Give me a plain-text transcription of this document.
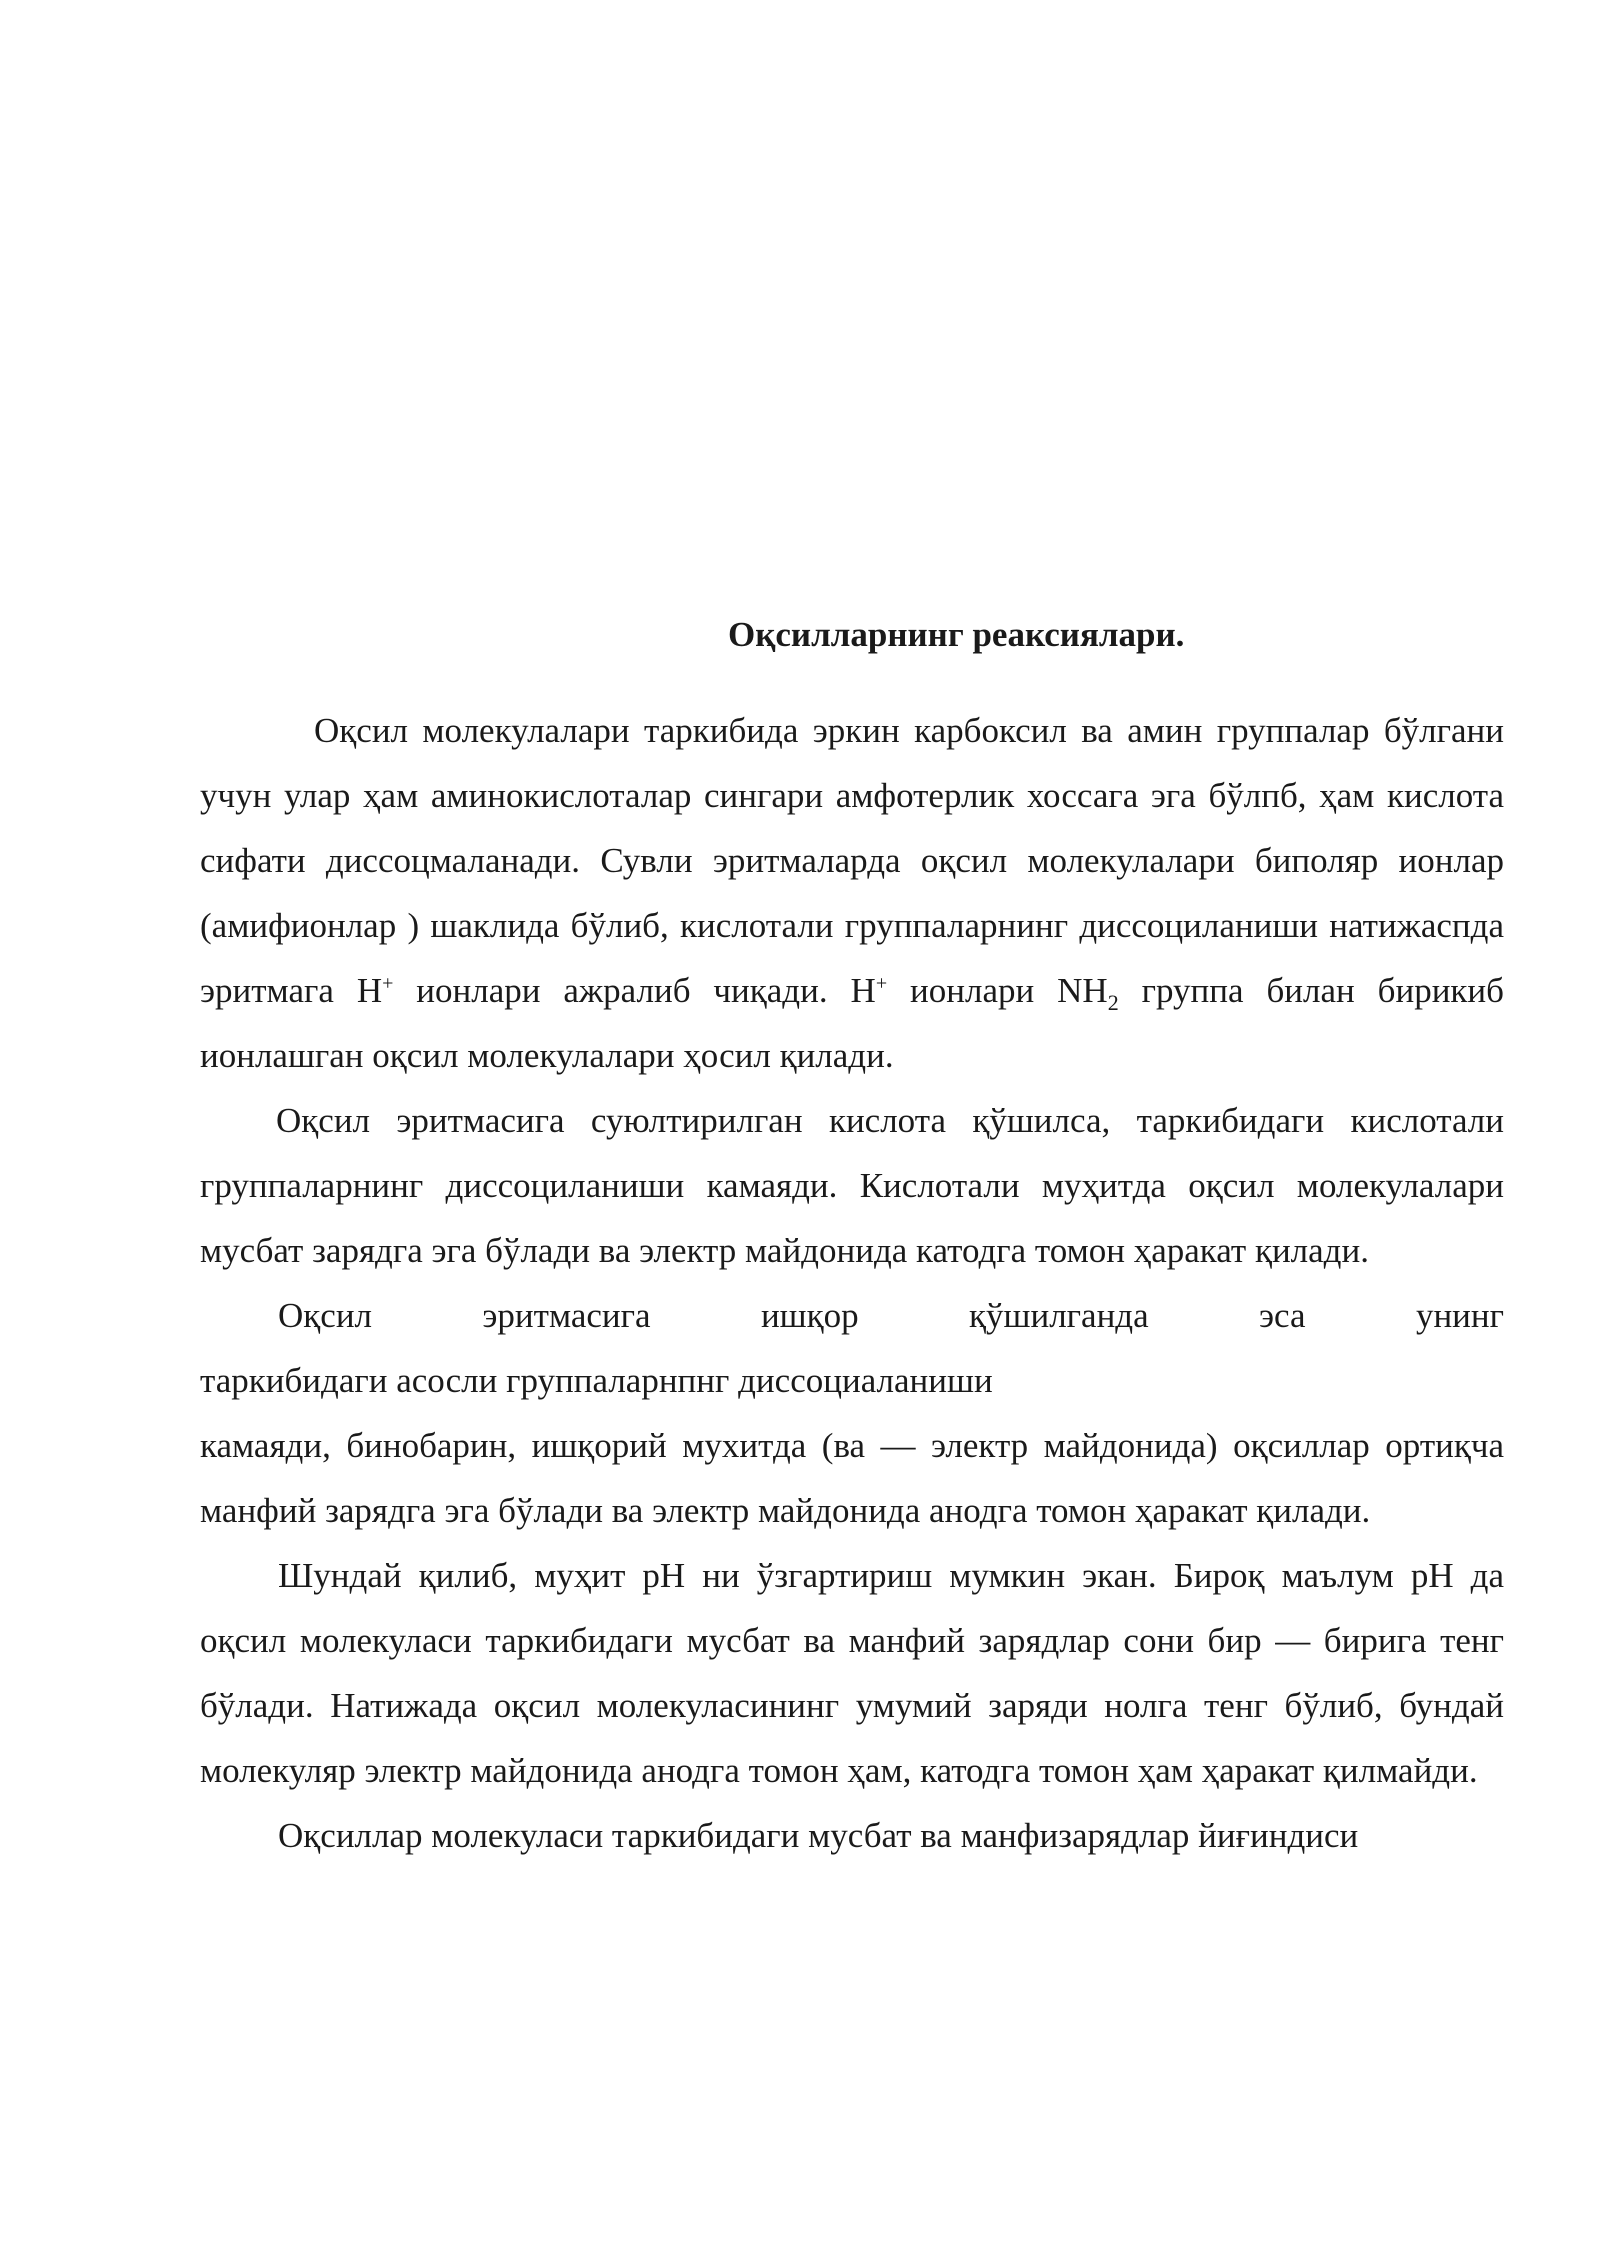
Оқсилларнинг реаксиялари.

Оқсил молекулалари таркибида эркин карбоксил ва амин группалар бўлгани учун улар ҳам аминокислоталар сингари амфотерлик хоссага эга бўлпб, ҳам кислота сифати диссоцмаланади. Сувли эритмаларда оқсил молекулалари биполяр ионлар (амифионлар ) шаклида бўлиб, кислотали группаларнинг диссоциланиши натижаспда эритмага Н+ ионлари ажралиб чиқади. Н+ ионлари $NH_2$ группа билан бирикиб ионлашган оқсил молекулалари ҳосил қилади.

Оқсил эритмасига суюлтирилган кислота қўшилса, таркибидаги кислотали группаларнинг диссоциланиши камаяди. Кислотали муҳитда оқсил молекулалари мусбат зарядга эга бўлади ва электр майдонида катодга томон ҳаракат қилади.

Оқсил эритмасига ишқор қўшилганда эса унинг
таркибидаги асосли группаларнпнг диссоциаланиши

камаяди, бинобарин, ишқорий мухитда (ва — электр майдонида) оқсиллар ортиқча манфий зарядга эга бўлади ва электр майдонида анодга томон ҳаракат қилади.

Шундай қилиб, муҳит рН ни ўзгартириш мумкин экан. Бироқ маълум рН да оқсил молекуласи таркибидаги мусбат ва манфий зарядлар сони бир — бирига тенг бўлади. Натижада оқсил молекуласининг умумий заряди нолга тенг бўлиб, бундай молекуляр электр майдонида анодга томон ҳам, катодга томон ҳам ҳаракат қилмайди.

Оқсиллар молекуласи таркибидаги мусбат ва манфизарядлар йиғиндиси
